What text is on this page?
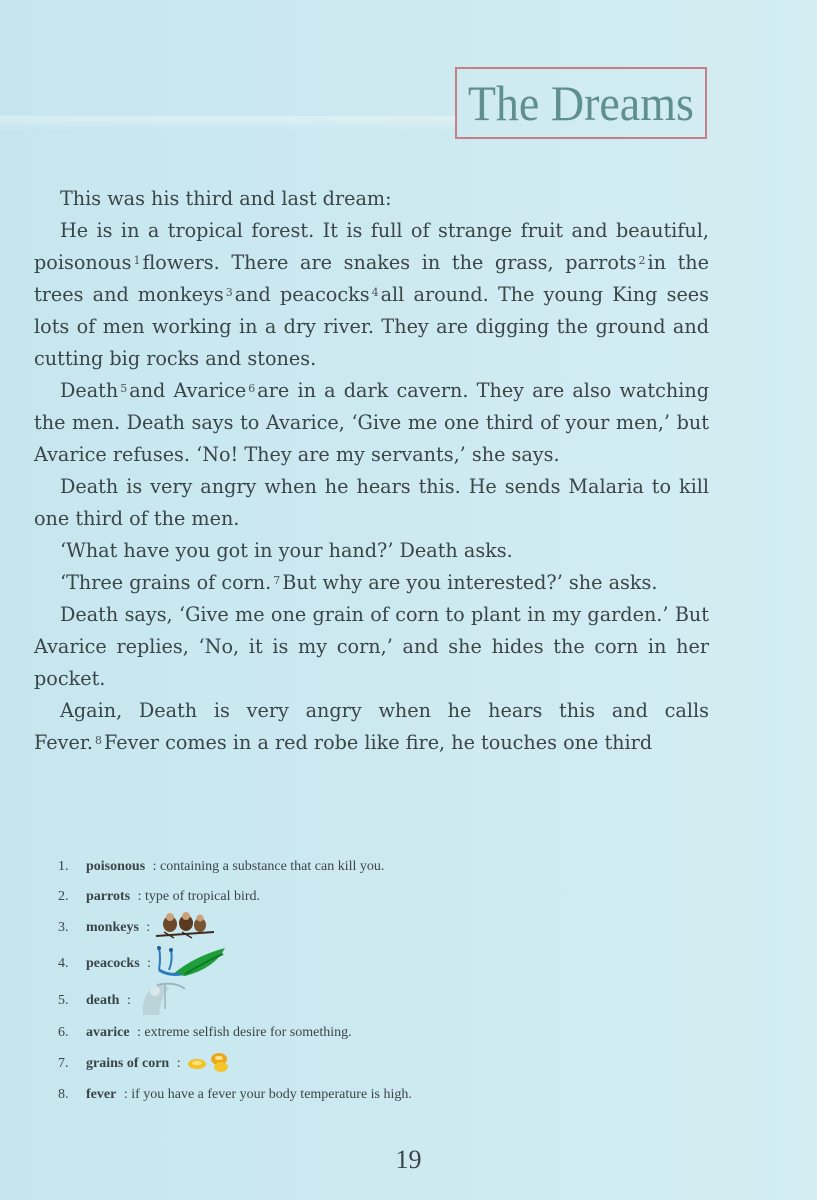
The Dreams

This was his third and last dream:

He is in a tropical forest. It is full of strange fruit and beautiful, poisonous $^1$ flowers. There are snakes in the grass, parrots $^2$ in the trees and monkeys $^3$ and peacocks $^4$ all around. The young King sees lots of men working in a dry river. They are digging the ground and cutting big rocks and stones.

Death $^5$ and Avarice $^6$ are in a dark cavern. They are also watching the men. Death says to Avarice, ‘Give me one third of your men,’ but Avarice refuses. ‘No! They are my servants,’ she says.

Death is very angry when he hears this. He sends Malaria to kill one third of the men.

‘What have you got in your hand?’ Death asks.

‘Three grains of corn. $^7$ But why are you interested?’ she asks.

Death says, ‘Give me one grain of corn to plant in my garden.’ But Avarice replies, ‘No, it is my corn,’ and she hides the corn in her pocket.

Again, Death is very angry when he hears this and calls Fever. $^8$ Fever comes in a red robe like fire, he touches one third

1.	poisonous : containing a substance that can kill you.
2.	parrots : type of tropical bird.
3.	monkeys :
4.	peacocks :
5.	death :
6.	avarice : extreme selfish desire for something.
7.	grains of corn :
8.	fever : if you have a fever your body temperature is high.
19
